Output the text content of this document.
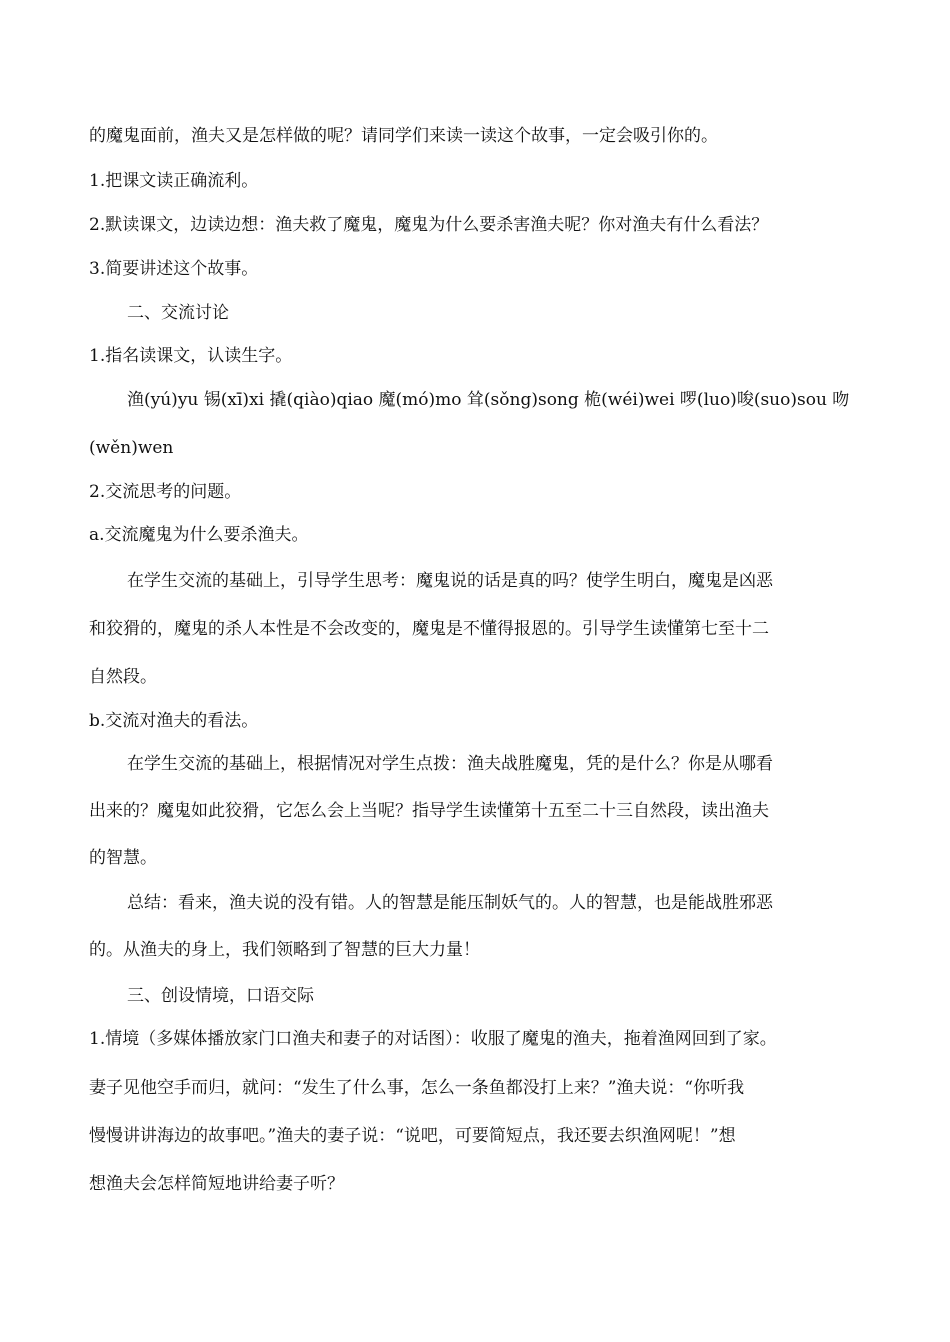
的魔鬼面前，渔夫又是怎样做的呢？请同学们来读一读这个故事，一定会吸引你的。
1.把课文读正确流利。
2.默读课文，边读边想：渔夫救了魔鬼，魔鬼为什么要杀害渔夫呢？你对渔夫有什么看法？
3.简要讲述这个故事。
二、交流讨论
1.指名读课文，认读生字。
渔(yú)yu 锡(xī)xi 撬(qiào)qiao 魔(mó)mo 耸(sǒng)song 桅(wéi)wei 啰(luo)唆(suo)sou 吻
(wěn)wen
2.交流思考的问题。
a.交流魔鬼为什么要杀渔夫。
在学生交流的基础上，引导学生思考：魔鬼说的话是真的吗？使学生明白，魔鬼是凶恶
和狡猾的，魔鬼的杀人本性是不会改变的，魔鬼是不懂得报恩的。引导学生读懂第七至十二
自然段。
b.交流对渔夫的看法。
在学生交流的基础上，根据情况对学生点拨：渔夫战胜魔鬼，凭的是什么？你是从哪看
出来的？魔鬼如此狡猾，它怎么会上当呢？指导学生读懂第十五至二十三自然段，读出渔夫
的智慧。
总结：看来，渔夫说的没有错。人的智慧是能压制妖气的。人的智慧，也是能战胜邪恶
的。从渔夫的身上，我们领略到了智慧的巨大力量！
三、创设情境，口语交际
1.情境（多媒体播放家门口渔夫和妻子的对话图）：收服了魔鬼的渔夫，拖着渔网回到了家。
妻子见他空手而归，就问：“发生了什么事，怎么一条鱼都没打上来？”渔夫说：“你听我
慢慢讲讲海边的故事吧。”渔夫的妻子说：“说吧，可要简短点，我还要去织渔网呢！”想
想渔夫会怎样简短地讲给妻子听？
